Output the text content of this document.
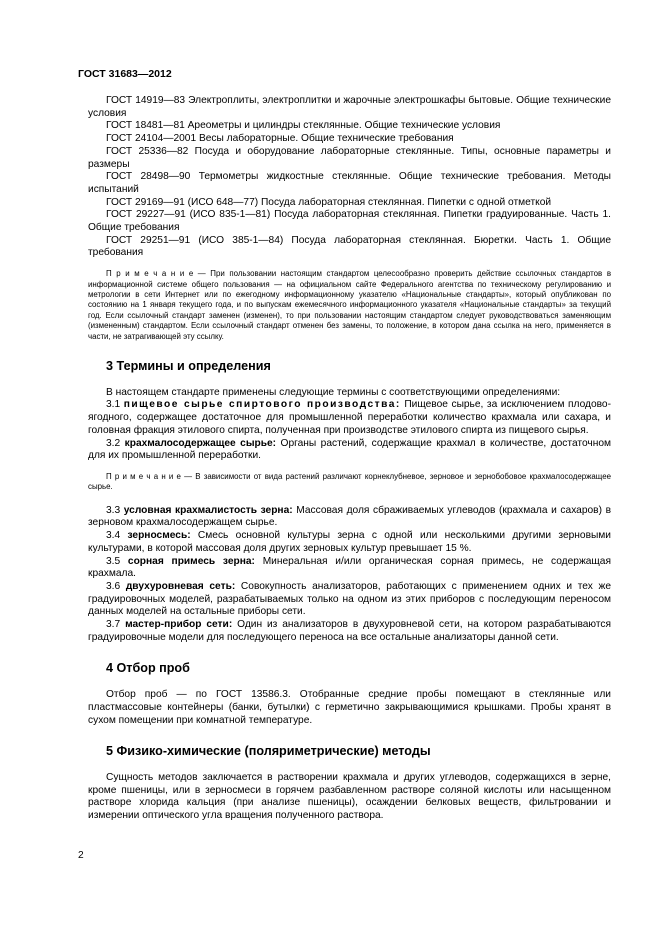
ГОСТ 31683—2012

ГОСТ 14919—83 Электроплиты, электроплитки и жарочные электрошкафы бытовые. Общие технические условия

ГОСТ 18481—81 Ареометры и цилиндры стеклянные. Общие технические условия

ГОСТ 24104—2001 Весы лабораторные. Общие технические требования

ГОСТ 25336—82 Посуда и оборудование лабораторные стеклянные. Типы, основные параметры и размеры

ГОСТ 28498—90 Термометры жидкостные стеклянные. Общие технические требования. Методы испытаний

ГОСТ 29169—91 (ИСО 648—77) Посуда лабораторная стеклянная. Пипетки с одной отметкой

ГОСТ 29227—91 (ИСО 835-1—81) Посуда лабораторная стеклянная. Пипетки градуированные. Часть 1. Общие требования

ГОСТ 29251—91 (ИСО 385-1—84) Посуда лабораторная стеклянная. Бюретки. Часть 1. Общие требования

П р и м е ч а н и е — При пользовании настоящим стандартом целесообразно проверить действие ссылочных стандартов в информационной системе общего пользования — на официальном сайте Федерального агентства по техническому регулированию и метрологии в сети Интернет или по ежегодному информационному указателю «Национальные стандарты», который опубликован по состоянию на 1 января текущего года, и по выпускам ежемесячного информационного указателя «Национальные стандарты» за текущий год. Если ссылочный стандарт заменен (изменен), то при пользовании настоящим стандартом следует руководствоваться заменяющим (измененным) стандартом. Если ссылочный стандарт отменен без замены, то положение, в котором дана ссылка на него, применяется в части, не затрагивающей эту ссылку.

3 Термины и определения

В настоящем стандарте применены следующие термины с соответствующими определениями:

3.1 пищевое сырье спиртового производства: Пищевое сырье, за исключением плодово-ягодного, содержащее достаточное для промышленной переработки количество крахмала или сахара, и головная фракция этилового спирта, полученная при производстве этилового спирта из пищевого сырья.

3.2 крахмалосодержащее сырье: Органы растений, содержащие крахмал в количестве, достаточном для их промышленной переработки.

П р и м е ч а н и е — В зависимости от вида растений различают корнеклубневое, зерновое и зернобобовое крахмалосодержащее сырье.

3.3 условная крахмалистость зерна: Массовая доля сбраживаемых углеводов (крахмала и сахаров) в зерновом крахмалосодержащем сырье.

3.4 зерносмесь: Смесь основной культуры зерна с одной или несколькими другими зерновыми культурами, в которой массовая доля других зерновых культур превышает 15 %.

3.5 сорная примесь зерна: Минеральная и/или органическая сорная примесь, не содержащая крахмала.

3.6 двухуровневая сеть: Совокупность анализаторов, работающих с применением одних и тех же градуировочных моделей, разрабатываемых только на одном из этих приборов с последующим переносом данных моделей на остальные приборы сети.

3.7 мастер-прибор сети: Один из анализаторов в двухуровневой сети, на котором разрабатываются градуировочные модели для последующего переноса на все остальные анализаторы данной сети.

4 Отбор проб

Отбор проб — по ГОСТ 13586.3. Отобранные средние пробы помещают в стеклянные или пластмассовые контейнеры (банки, бутылки) с герметично закрывающимися крышками. Пробы хранят в сухом помещении при комнатной температуре.

5 Физико-химические (поляриметрические) методы

Сущность методов заключается в растворении крахмала и других углеводов, содержащихся в зерне, кроме пшеницы, или в зерносмеси в горячем разбавленном растворе соляной кислоты или насыщенном растворе хлорида кальция (при анализе пшеницы), осаждении белковых веществ, фильтровании и измерении оптического угла вращения полученного раствора.

2
